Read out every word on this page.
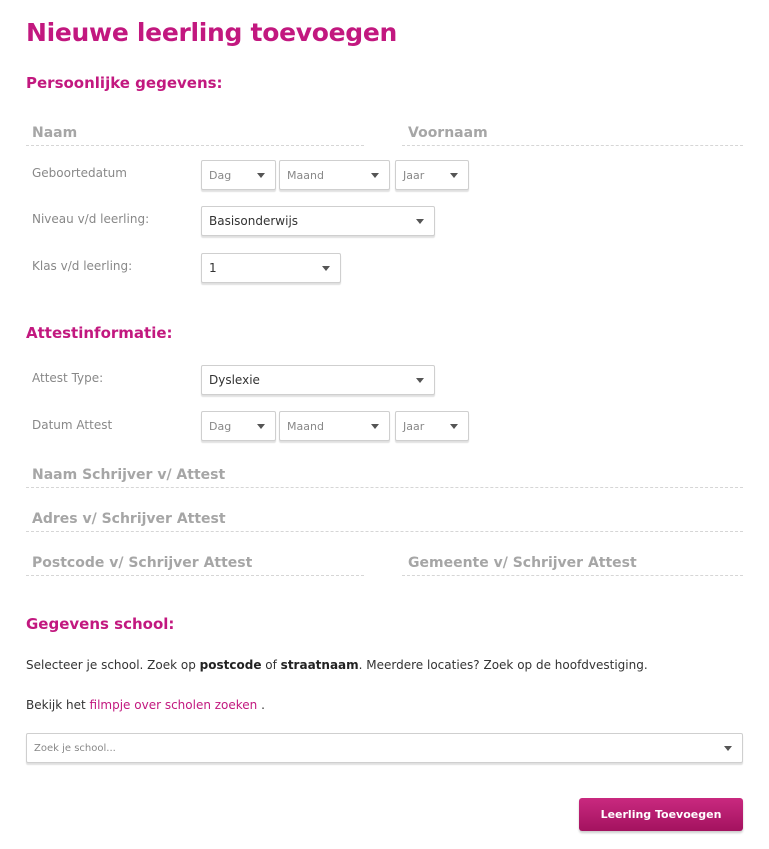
Nieuwe leerling toevoegen
Persoonlijke gegevens:
Naam
Voornaam
Geboortedatum	Dag	Maand	Jaar
Niveau v/d leerling:	Basisonderwijs
Klas v/d leerling:	1
Attestinformatie:
Attest Type:	Dyslexie
Datum Attest	Dag	Maand	Jaar
Naam Schrijver v/ Attest
Adres v/ Schrijver Attest
Postcode v/ Schrijver Attest
Gemeente v/ Schrijver Attest
Gegevens school:

Selecteer je school. Zoek op postcode of straatnaam. Meerdere locaties? Zoek op de hoofdvestiging.

Bekijk het filmpje over scholen zoeken .

Zoek je school...
Leerling Toevoegen
